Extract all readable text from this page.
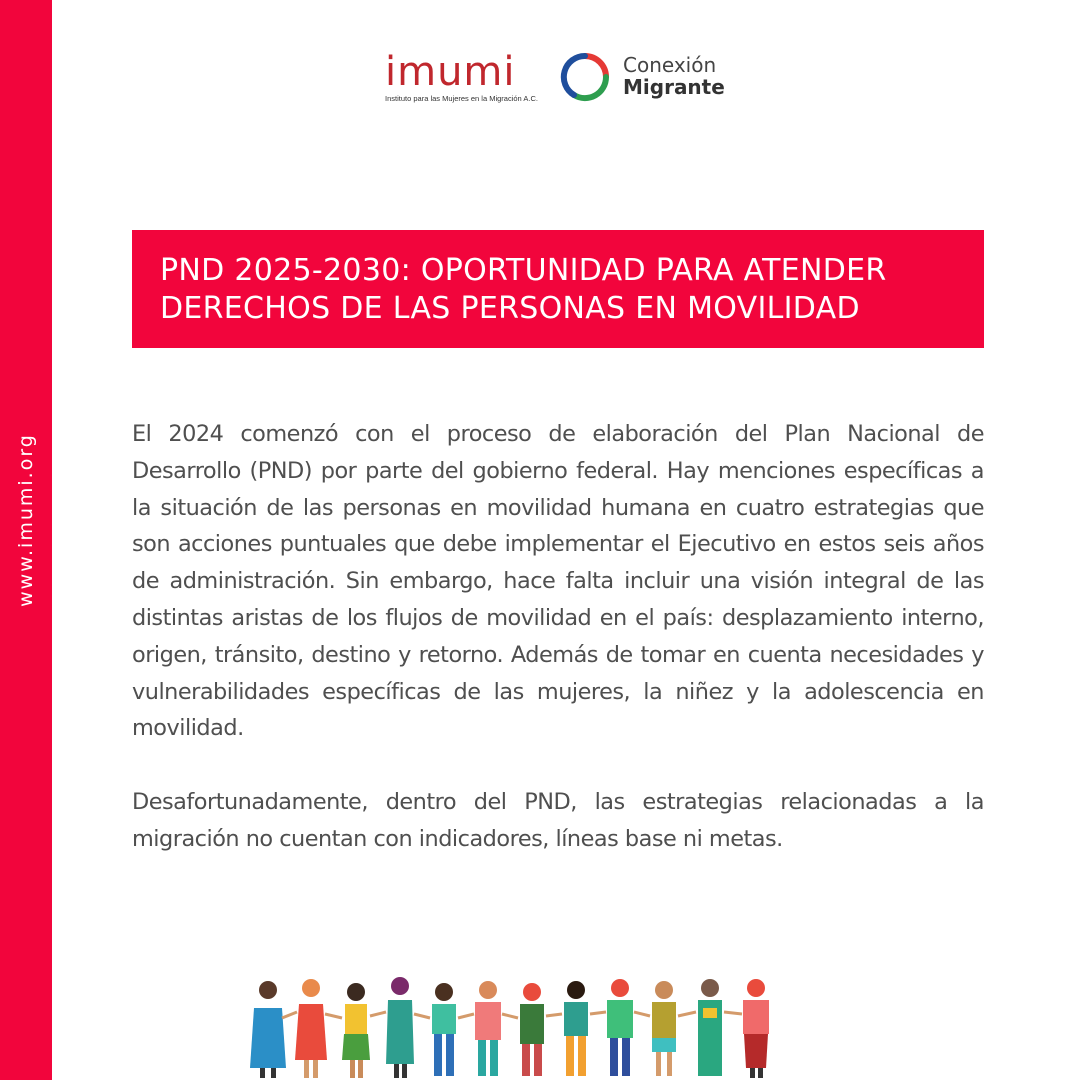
www.imumi.org
imumi
Instituto para las Mujeres en la Migración A.C.
Conexión
Migrante
PND 2025-2030: OPORTUNIDAD PARA ATENDER DERECHOS DE LAS PERSONAS EN MOVILIDAD

El 2024 comenzó con el proceso de elaboración del Plan Nacional de Desarrollo (PND) por parte del gobierno federal. Hay menciones específicas a la situación de las personas en movilidad humana en cuatro estrategias que son acciones puntuales que debe implementar el Ejecutivo en estos seis años de administración. Sin embargo, hace falta incluir una visión integral de las distintas aristas de los flujos de movilidad en el país: desplazamiento interno, origen, tránsito, destino y retorno. Además de tomar en cuenta necesidades y vulnerabilidades específicas de las mujeres, la niñez y la adolescencia en movilidad.

Desafortunadamente, dentro del PND, las estrategias relacionadas a la migración no cuentan con indicadores, líneas base ni metas.
